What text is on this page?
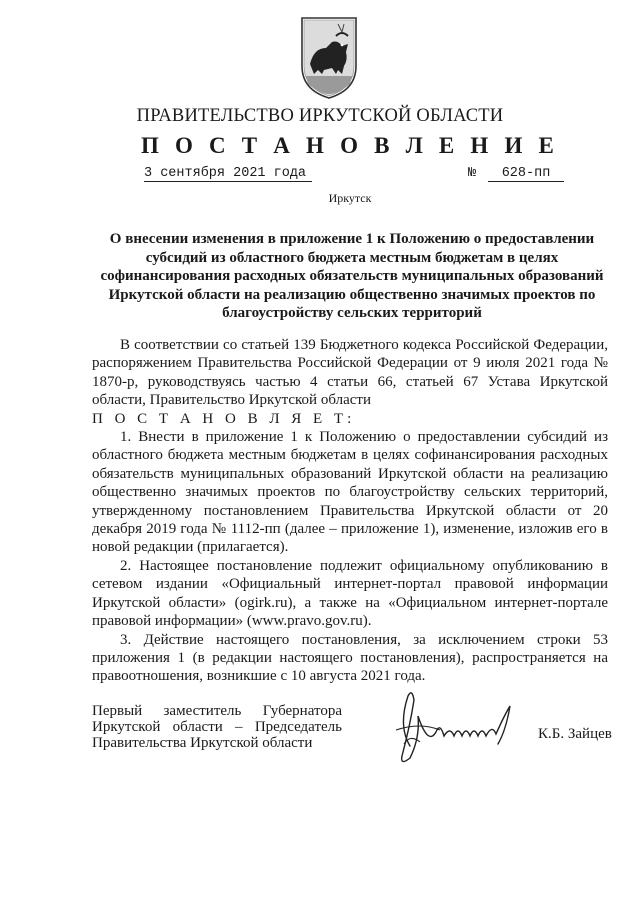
ПРАВИТЕЛЬСТВО ИРКУТСКОЙ ОБЛАСТИ
П О С Т А Н О В Л Е Н И Е
3 сентября 2021 года	№	628-пп
Иркутск
О внесении изменения в приложение 1 к Положению о предоставлении субсидий из областного бюджета местным бюджетам в целях софинансирования расходных обязательств муниципальных образований Иркутской области на реализацию общественно значимых проектов по благоустройству сельских территорий

В соответствии со статьей 139 Бюджетного кодекса Российской Федерации, распоряжением Правительства Российской Федерации от 9 июля 2021 года № 1870-р, руководствуясь частью 4 статьи 66, статьей 67 Устава Иркутской области, Правительство Иркутской области

П О С Т А Н О В Л Я Е Т:

1. Внести в приложение 1 к Положению о предоставлении субсидий из областного бюджета местным бюджетам в целях софинансирования расходных обязательств муниципальных образований Иркутской области на реализацию общественно значимых проектов по благоустройству сельских территорий, утвержденному постановлением Правительства Иркутской области от 20 декабря 2019 года № 1112-пп (далее – приложение 1), изменение, изложив его в новой редакции (прилагается).

2. Настоящее постановление подлежит официальному опубликованию в сетевом издании «Официальный интернет-портал правовой информации Иркутской области» (ogirk.ru), а также на «Официальном интернет-портале правовой информации» (www.pravo.gov.ru).

3. Действие настоящего постановления, за исключением строки 53 приложения 1 (в редакции настоящего постановления), распространяется на правоотношения, возникшие с 10 августа 2021 года.

Первый заместитель Губернатора
Иркутской области – Председатель
Правительства Иркутской области
К.Б. Зайцев
